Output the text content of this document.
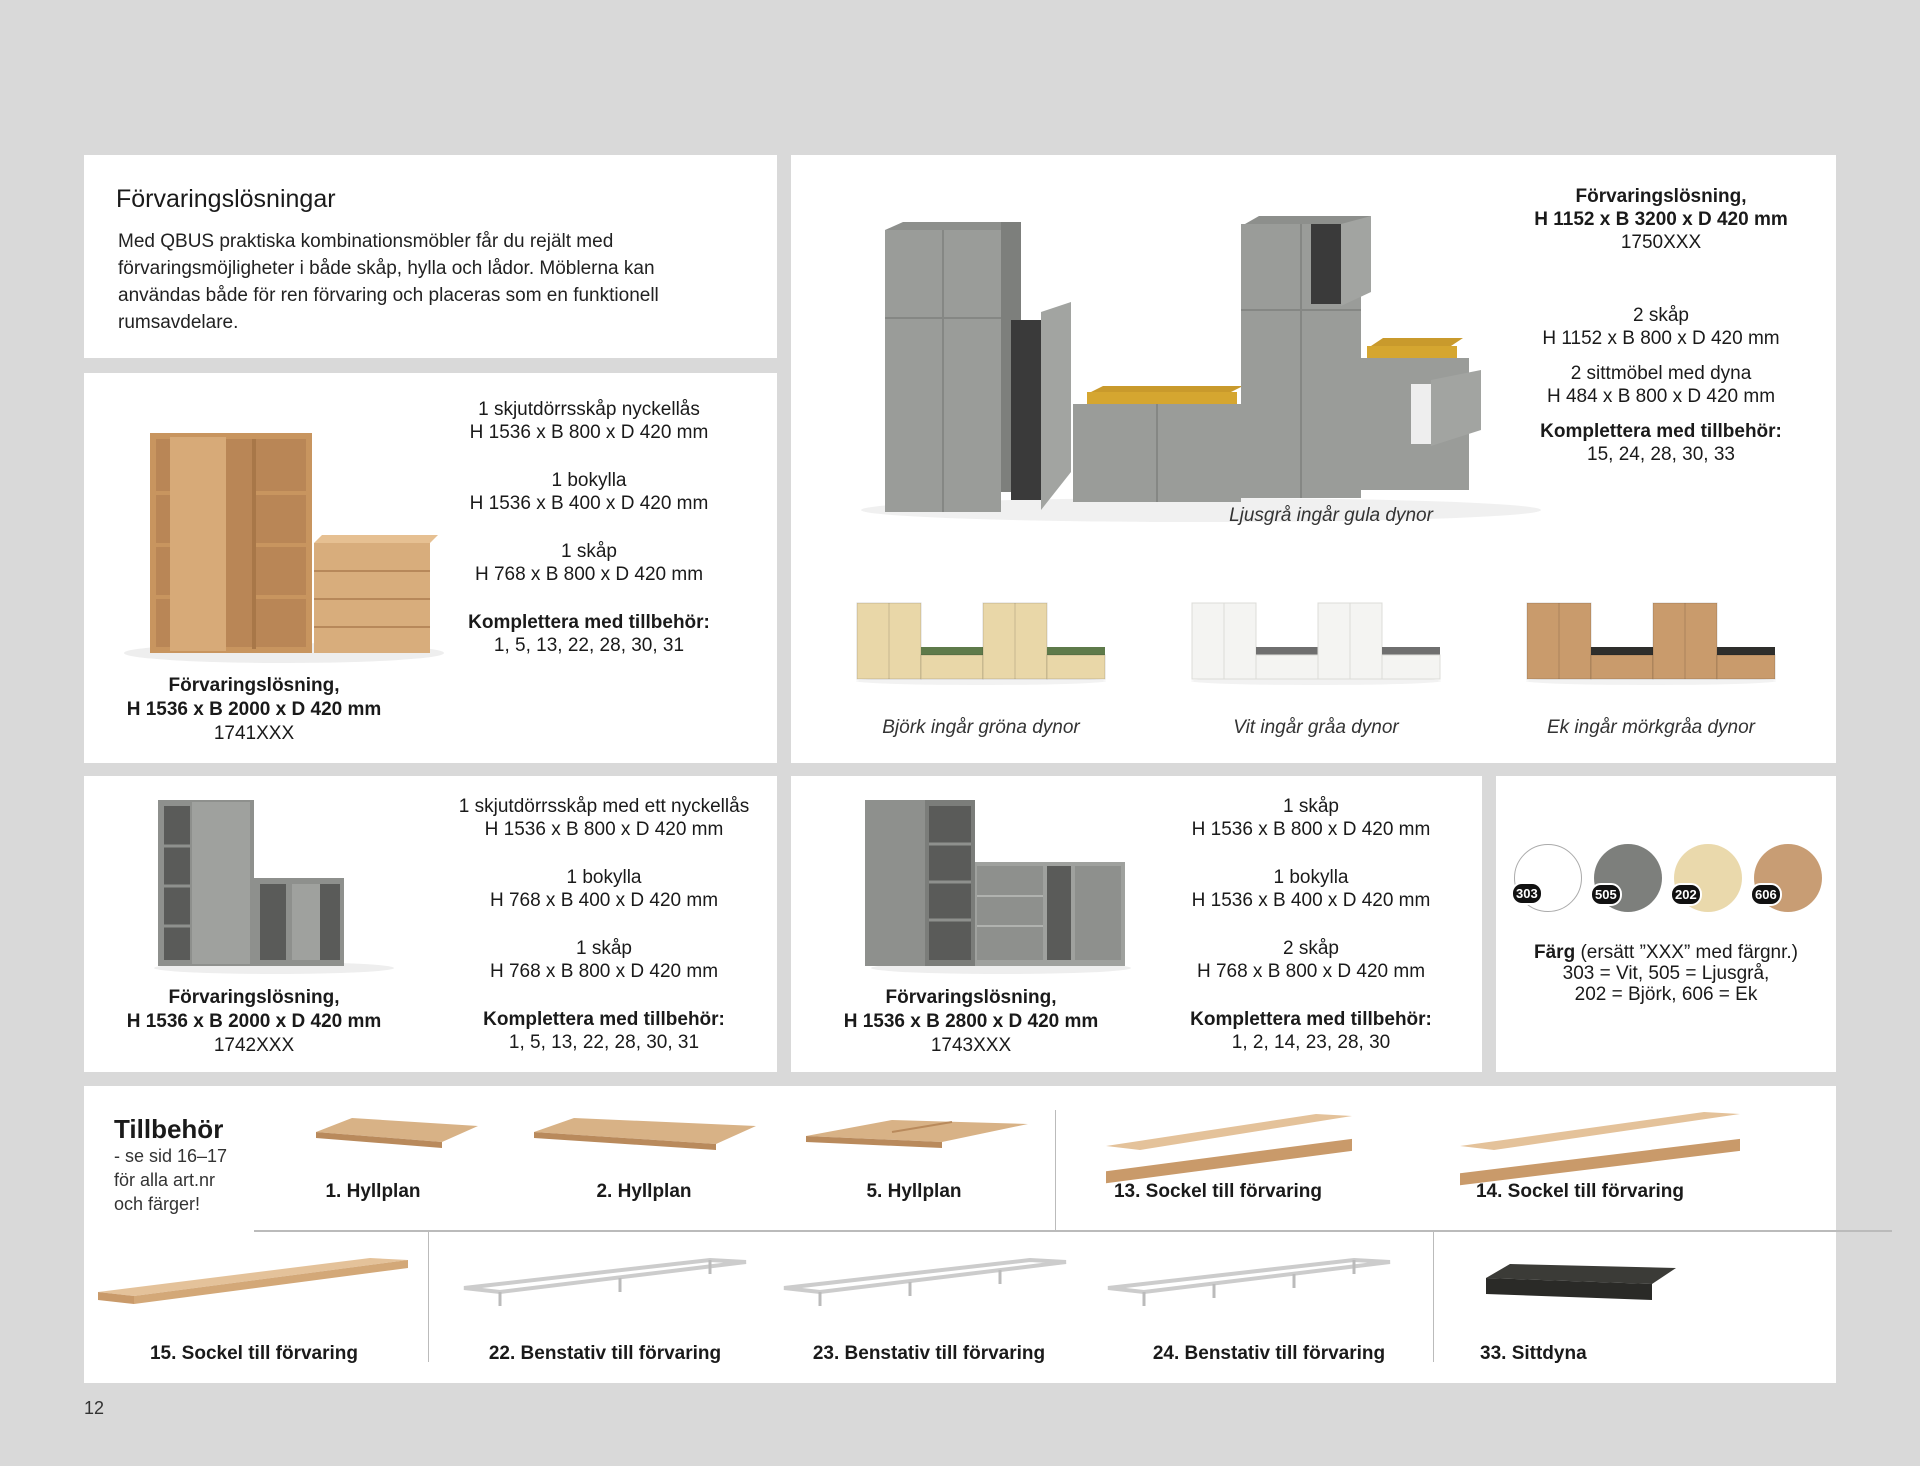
Förvaringslösningar
Med QBUS praktiska kombinationsmöbler får du rejält med förvaringsmöjligheter i både skåp, hylla och lådor. Möblerna kan användas både för ren förvaring och placeras som en funktionell rumsavdelare.
1 skjutdörrsskåp nyckellås
H 1536 x B 800 x D 420 mm
1 bokylla
H 1536 x B 400 x D 420 mm
1 skåp
H 768 x B 800 x D 420 mm
Komplettera med tillbehör:
1, 5, 13, 22, 28, 30, 31
Förvaringslösning,
H 1536 x B 2000 x D 420 mm
1741XXX
Ljusgrå ingår gula dynor
Förvaringslösning,
H 1152 x B 3200 x D 420 mm
1750XXX
2 skåp
H 1152 x B 800 x D 420 mm
2 sittmöbel med dyna
H 484 x B 800 x D 420 mm
Komplettera med tillbehör:
15, 24, 28, 30, 33
Björk ingår gröna dynor	Vit ingår gråa dynor	Ek ingår mörkgråa dynor
1 skjutdörrsskåp med ett nyckellås
H 1536 x B 800 x D 420 mm
1 bokylla
H 768 x B 400 x D 420 mm
1 skåp
H 768 x B 800 x D 420 mm
Komplettera med tillbehör:
1, 5, 13, 22, 28, 30, 31
Förvaringslösning,
H 1536 x B 2000 x D 420 mm
1742XXX
1 skåp
H 1536 x B 800 x D 420 mm
1 bokylla
H 1536 x B 400 x D 420 mm
2 skåp
H 768 x B 800 x D 420 mm
Komplettera med tillbehör:
1, 2, 14, 23, 28, 30
Förvaringslösning,
H 1536 x B 2800 x D 420 mm
1743XXX
303	505	202	606
Färg (ersätt ”XXX” med färgnr.)
303 = Vit, 505 = Ljusgrå,
202 = Björk, 606 = Ek
Tillbehör
- se sid 16–17
för alla art.nr
och färger!
1. Hyllplan	2. Hyllplan	5. Hyllplan	13. Sockel till förvaring	14. Sockel till förvaring
15. Sockel till förvaring	22. Benstativ till förvaring	23. Benstativ till förvaring	24. Benstativ till förvaring	33. Sittdyna
12
